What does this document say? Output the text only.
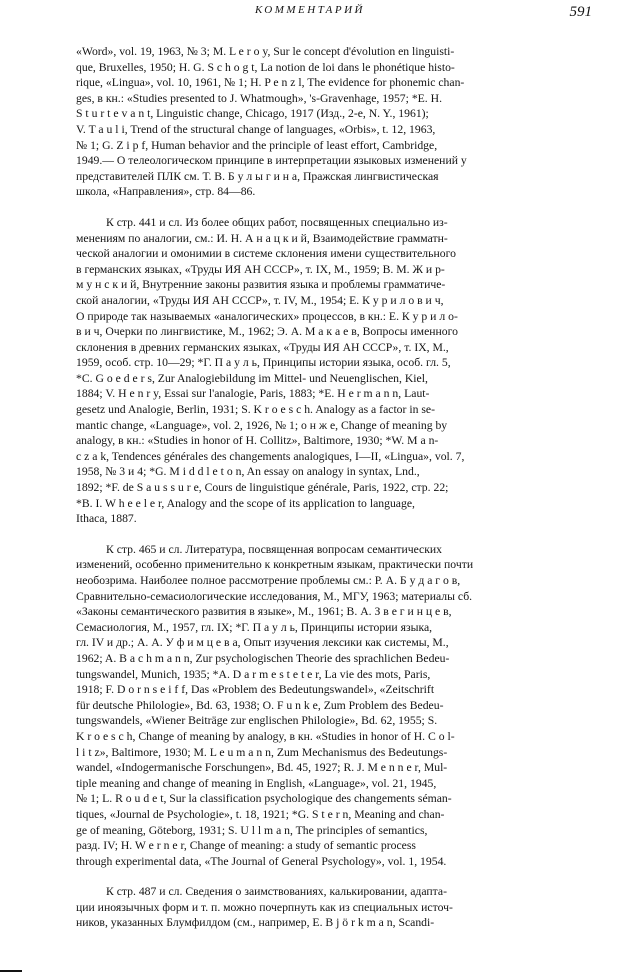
КОММЕНТАРИЙ	591
«Word», vol. 19, 1963, № 3; M. L e r o y, Sur le concept d'évolution en linguisti-
que, Bruxelles, 1950; H. G. S c h o g t, La notion de loi dans le phonétique histo-
rique, «Lingua», vol. 10, 1961, № 1; H. P e n z l, The evidence for phonemic chan-
ges, в кн.: «Studies presented to J. Whatmough», 's-Gravenhage, 1957; *E. H.
S t u r t e v a n t, Linguistic change, Chicago, 1917 (Изд., 2-е, N. Y., 1961);
V. T a u l i, Trend of the structural change of languages, «Orbis», t. 12, 1963,
№ 1; G. Z i p f, Human behavior and the principle of least effort, Cambridge,
1949.— О телеологическом принципе в интерпретации языковых изменений у
представителей ПЛК см. Т. В. Б у л ы г и н а, Пражская лингвистическая
школа, «Направления», стр. 84—86.
К стр. 441 и сл. Из более общих работ, посвященных специально из-
менениям по аналогии, см.: И. Н. А н а ц к и й, Взаимодействие грамматн-
ческой аналогии и омонимии в системе склонения имени существительного
в германских языках, «Труды ИЯ АН СССР», т. IX, М., 1959; В. М. Ж и р-
м у н с к и й, Внутренние законы развития языка и проблемы грамматиче-
ской аналогии, «Труды ИЯ АН СССР», т. IV, М., 1954; Е. К у р и л о в и ч,
О природе так называемых «аналогических» процессов, в кн.: Е. К у р и л о-
в и ч, Очерки по лингвистике, М., 1962; Э. А. М а к а е в, Вопросы именного
склонения в древних германских языках, «Труды ИЯ АН СССР», т. IX, М.,
1959, особ. стр. 10—29; *Г. П а у л ь, Принципы истории языка, особ. гл. 5,
*C. G o e d e r s, Zur Analogiebildung im Mittel- und Neuenglischen, Kiel,
1884; V. H e n r y, Essai sur l'analogie, Paris, 1883; *E. H e r m a n n, Laut-
gesetz und Analogie, Berlin, 1931; S. K r o e s c h. Analogy as a factor in se-
mantic change, «Language», vol. 2, 1926, № 1; о н ж е, Change of meaning by
analogy, в кн.: «Studies in honor of H. Collitz», Baltimore, 1930; *W. M a n-
c z a k, Tendences générales des changements analogiques, I—II, «Lingua», vol. 7,
1958, № 3 и 4; *G. M i d d l e t o n, An essay on analogy in syntax, Lnd.,
1892; *F. de S a u s s u r e, Cours de linguistique générale, Paris, 1922, стр. 22;
*B. I. W h e e l e r, Analogy and the scope of its application to language,
Ithaca, 1887.
К стр. 465 и сл. Литература, посвященная вопросам семантических
изменений, особенно применительно к конкретным языкам, практически почти
необозрима. Наиболее полное рассмотрение проблемы см.: Р. А. Б у д а г о в,
Сравнительно-семасиологические исследования, М., МГУ, 1963; материалы сб.
«Законы семантического развития в языке», М., 1961; В. А. З в е г и н ц е в,
Семасиология, М., 1957, гл. IX; *Г. П а у л ь, Принципы истории языка,
гл. IV и др.; А. А. У ф и м ц е в а, Опыт изучения лексики как системы, М.,
1962; A. B a c h m a n n, Zur psychologischen Theorie des sprachlichen Bedeu-
tungswandel, Munich, 1935; *A. D a r m e s t e t e r, La vie des mots, Paris,
1918; F. D o r n s e i f f, Das «Problem des Bedeutungswandel», «Zeitschrift
für deutsche Philologie», Bd. 63, 1938; O. F u n k e, Zum Problem des Bedeu-
tungswandels, «Wiener Beiträge zur englischen Philologie», Bd. 62, 1955; S.
K r o e s c h, Change of meaning by analogy, в кн. «Studies in honor of H. C o l-
l i t z», Baltimore, 1930; M. L e u m a n n, Zum Mechanismus des Bedeutungs-
wandel, «Indogermanische Forschungen», Bd. 45, 1927; R. J. M e n n e r, Mul-
tiple meaning and change of meaning in English, «Language», vol. 21, 1945,
№ 1; L. R o u d e t, Sur la classification psychologique des changements séman-
tiques, «Journal de Psychologie», t. 18, 1921; *G. S t e r n, Meaning and chan-
ge of meaning, Göteborg, 1931; S. U l l m a n, The principles of semantics,
разд. IV; H. W e r n e r, Change of meaning: a study of semantic process
through experimental data, «The Journal of General Psychology», vol. 1, 1954.
К стр. 487 и сл. Сведения о заимствованиях, калькировании, адапта-
ции иноязычных форм и т. п. можно почерпнуть как из специальных источ-
ников, указанных Блумфилдом (см., например, E. B j ö r k m a n, Scandi-
